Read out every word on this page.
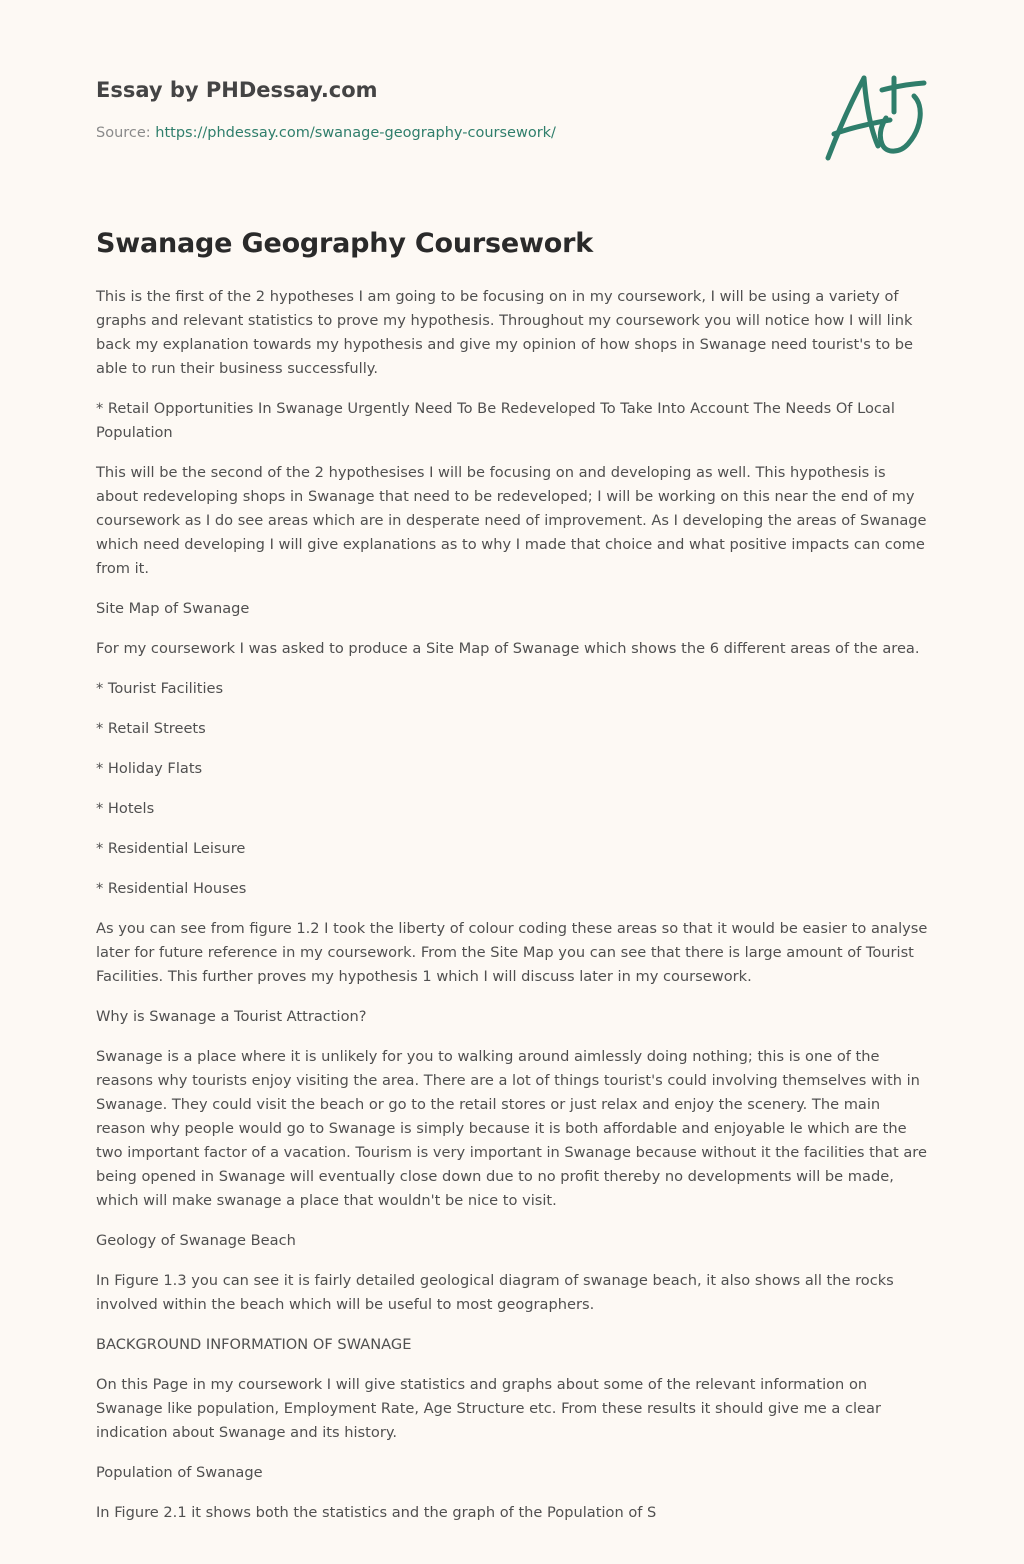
Essay by PHDessay.com
Source: https://phdessay.com/swanage-geography-coursework/
Swanage Geography Coursework

This is the first of the 2 hypotheses I am going to be focusing on in my coursework, I will be using a variety of graphs and relevant statistics to prove my hypothesis. Throughout my coursework you will notice how I will link back my explanation towards my hypothesis and give my opinion of how shops in Swanage need tourist's to be able to run their business successfully.

* Retail Opportunities In Swanage Urgently Need To Be Redeveloped To Take Into Account The Needs Of Local Population

This will be the second of the 2 hypothesises I will be focusing on and developing as well. This hypothesis is about redeveloping shops in Swanage that need to be redeveloped; I will be working on this near the end of my coursework as I do see areas which are in desperate need of improvement. As I developing the areas of Swanage which need developing I will give explanations as to why I made that choice and what positive impacts can come from it.

Site Map of Swanage

For my coursework I was asked to produce a Site Map of Swanage which shows the 6 different areas of the area.

* Tourist Facilities

* Retail Streets

* Holiday Flats

* Hotels

* Residential Leisure

* Residential Houses

As you can see from figure 1.2 I took the liberty of colour coding these areas so that it would be easier to analyse later for future reference in my coursework. From the Site Map you can see that there is large amount of Tourist Facilities. This further proves my hypothesis 1 which I will discuss later in my coursework.

Why is Swanage a Tourist Attraction?

Swanage is a place where it is unlikely for you to walking around aimlessly doing nothing; this is one of the reasons why tourists enjoy visiting the area. There are a lot of things tourist's could involving themselves with in Swanage. They could visit the beach or go to the retail stores or just relax and enjoy the scenery. The main reason why people would go to Swanage is simply because it is both affordable and enjoyable le which are the two important factor of a vacation. Tourism is very important in Swanage because without it the facilities that are being opened in Swanage will eventually close down due to no profit thereby no developments will be made, which will make swanage a place that wouldn't be nice to visit.

Geology of Swanage Beach

In Figure 1.3 you can see it is fairly detailed geological diagram of swanage beach, it also shows all the rocks involved within the beach which will be useful to most geographers.

BACKGROUND INFORMATION OF SWANAGE

On this Page in my coursework I will give statistics and graphs about some of the relevant information on Swanage like population, Employment Rate, Age Structure etc. From these results it should give me a clear indication about Swanage and its history.

Population of Swanage

In Figure 2.1 it shows both the statistics and the graph of the Population of S
